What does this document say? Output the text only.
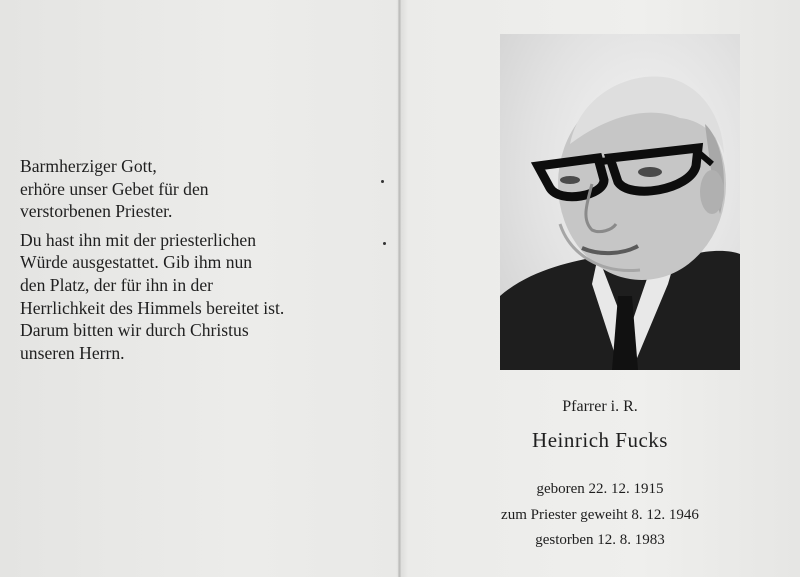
Barmherziger Gott,
erhöre unser Gebet für den
verstorbenen Priester.

Du hast ihn mit der priesterlichen
Würde ausgestattet. Gib ihm nun
den Platz, der für ihn in der
Herrlichkeit des Himmels bereitet ist.
Darum bitten wir durch Christus
unseren Herrn.

Pfarrer i. R.
Heinrich Fucks
geboren 22. 12. 1915
zum Priester geweiht 8. 12. 1946
gestorben 12. 8. 1983
